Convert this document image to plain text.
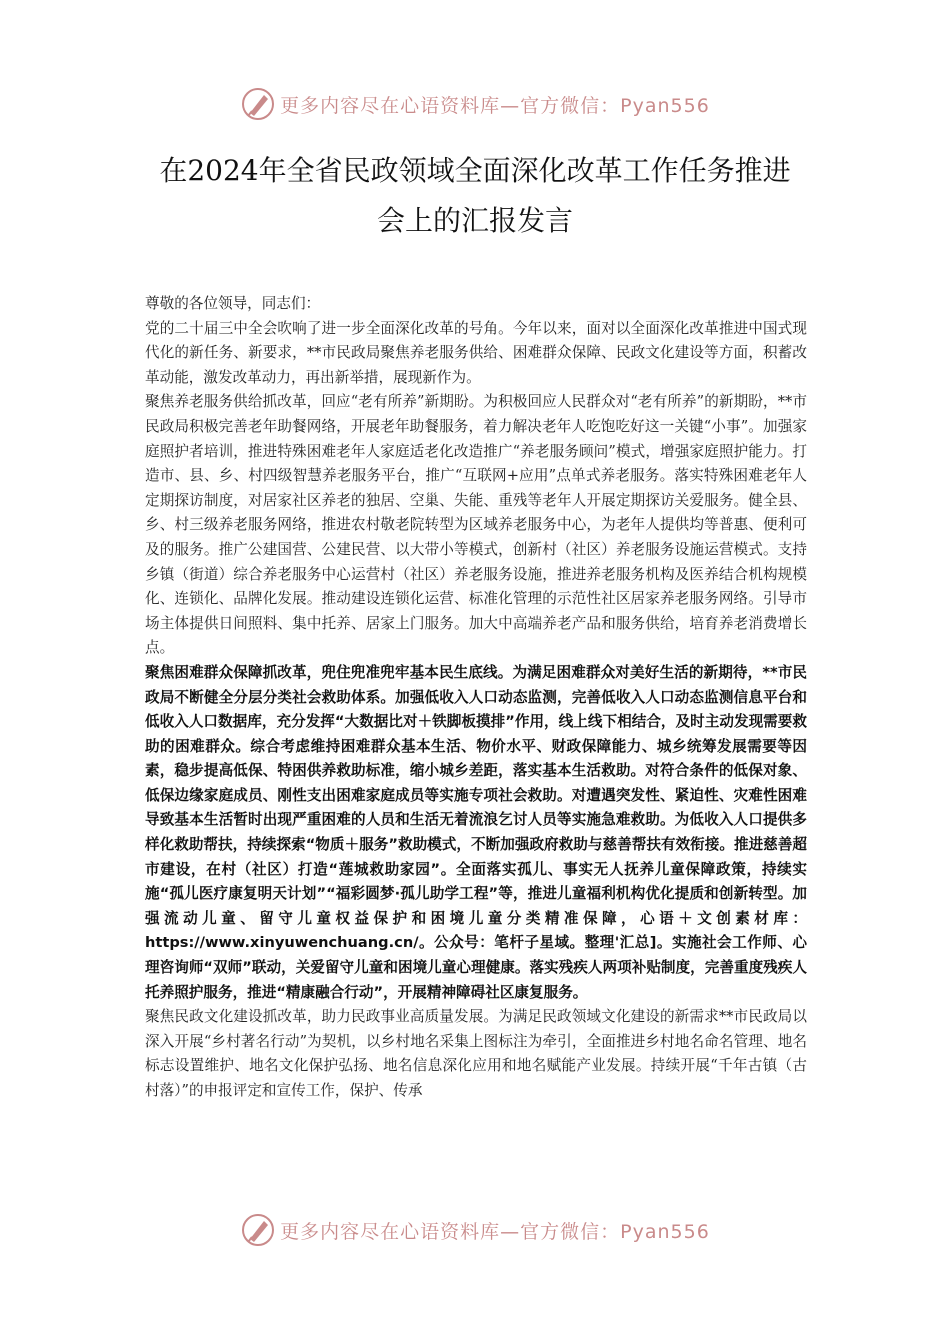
更多内容尽在心语资料库—官方微信：Pyan556
在2024年全省民政领域全面深化改革工作任务推进
会上的汇报发言

尊敬的各位领导，同志们：

党的二十届三中全会吹响了进一步全面深化改革的号角。今年以来，面对以全面深化改革推进中国式现代化的新任务、新要求，**市民政局聚焦养老服务供给、困难群众保障、民政文化建设等方面，积蓄改革动能，激发改革动力，再出新举措，展现新作为。

聚焦养老服务供给抓改革，回应“老有所养”新期盼。为积极回应人民群众对“老有所养”的新期盼，**市民政局积极完善老年助餐网络，开展老年助餐服务，着力解决老年人吃饱吃好这一关键“小事”。加强家庭照护者培训，推进特殊困难老年人家庭适老化改造推广“养老服务顾问”模式，增强家庭照护能力。打造市、县、乡、村四级智慧养老服务平台，推广“互联网+应用”点单式养老服务。落实特殊困难老年人定期探访制度，对居家社区养老的独居、空巢、失能、重残等老年人开展定期探访关爱服务。健全县、乡、村三级养老服务网络，推进农村敬老院转型为区域养老服务中心，为老年人提供均等普惠、便利可及的服务。推广公建国营、公建民营、以大带小等模式，创新村（社区）养老服务设施运营模式。支持乡镇（街道）综合养老服务中心运营村（社区）养老服务设施，推进养老服务机构及医养结合机构规模化、连锁化、品牌化发展。推动建设连锁化运营、标准化管理的示范性社区居家养老服务网络。引导市场主体提供日间照料、集中托养、居家上门服务。加大中高端养老产品和服务供给，培育养老消费增长点。

聚焦困难群众保障抓改革，兜住兜准兜牢基本民生底线。为满足困难群众对美好生活的新期待，**市民政局不断健全分层分类社会救助体系。加强低收入人口动态监测，完善低收入人口动态监测信息平台和低收入人口数据库，充分发挥“大数据比对＋铁脚板摸排”作用，线上线下相结合，及时主动发现需要救助的困难群众。综合考虑维持困难群众基本生活、物价水平、财政保障能力、城乡统筹发展需要等因素，稳步提高低保、特困供养救助标准，缩小城乡差距，落实基本生活救助。对符合条件的低保对象、低保边缘家庭成员、刚性支出困难家庭成员等实施专项社会救助。对遭遇突发性、紧迫性、灾难性困难导致基本生活暂时出现严重困难的人员和生活无着流浪乞讨人员等实施急难救助。为低收入人口提供多样化救助帮扶，持续探索“物质＋服务”救助模式，不断加强政府救助与慈善帮扶有效衔接。推进慈善超市建设，在村（社区）打造“莲城救助家园”。全面落实孤儿、事实无人抚养儿童保障政策，持续实施“孤儿医疗康复明天计划”“福彩圆梦·孤儿助学工程”等，推进儿童福利机构优化提质和创新转型。加强流动儿童、留守儿童权益保护和困境儿童分类精准保障，心语＋文创素材库：https://www.xinyuwenchuang.cn/。公众号：笔杆子星域。整理'汇总]。实施社会工作师、心理咨询师“双师”联动，关爱留守儿童和困境儿童心理健康。落实残疾人两项补贴制度，完善重度残疾人托养照护服务，推进“精康融合行动”，开展精神障碍社区康复服务。

聚焦民政文化建设抓改革，助力民政事业高质量发展。为满足民政领域文化建设的新需求**市民政局以深入开展“乡村著名行动”为契机，以乡村地名采集上图标注为牵引，全面推进乡村地名命名管理、地名标志设置维护、地名文化保护弘扬、地名信息深化应用和地名赋能产业发展。持续开展“千年古镇（古村落）”的申报评定和宣传工作，保护、传承

更多内容尽在心语资料库—官方微信：Pyan556
